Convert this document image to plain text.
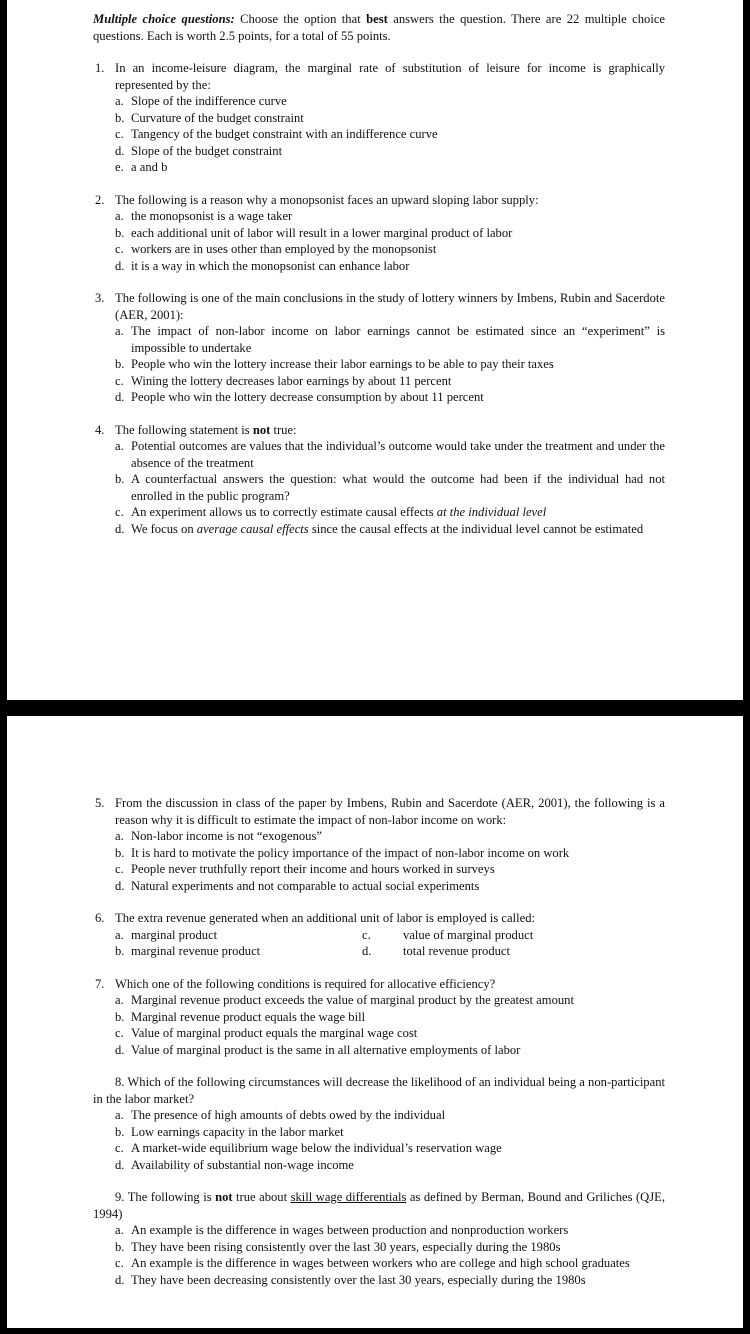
Multiple choice questions: Choose the option that best answers the question. There are 22 multiple choice questions. Each is worth 2.5 points, for a total of 55 points.

1. In an income-leisure diagram, the marginal rate of substitution of leisure for income is graphically represented by the:
a. Slope of the indifference curve
b. Curvature of the budget constraint
c. Tangency of the budget constraint with an indifference curve
d. Slope of the budget constraint
e. a and b
2. The following is a reason why a monopsonist faces an upward sloping labor supply:
a. the monopsonist is a wage taker
b. each additional unit of labor will result in a lower marginal product of labor
c. workers are in uses other than employed by the monopsonist
d. it is a way in which the monopsonist can enhance labor
3. The following is one of the main conclusions in the study of lottery winners by Imbens, Rubin and Sacerdote (AER, 2001):
a. The impact of non-labor income on labor earnings cannot be estimated since an “experiment” is impossible to undertake
b. People who win the lottery increase their labor earnings to be able to pay their taxes
c. Wining the lottery decreases labor earnings by about 11 percent
d. People who win the lottery decrease consumption by about 11 percent
4. The following statement is not true:
a. Potential outcomes are values that the individual’s outcome would take under the treatment and under the absence of the treatment
b. A counterfactual answers the question: what would the outcome had been if the individual had not enrolled in the public program?
c. An experiment allows us to correctly estimate causal effects at the individual level
d. We focus on average causal effects since the causal effects at the individual level cannot be estimated
5. From the discussion in class of the paper by Imbens, Rubin and Sacerdote (AER, 2001), the following is a reason why it is difficult to estimate the impact of non-labor income on work:
a. Non-labor income is not “exogenous”
b. It is hard to motivate the policy importance of the impact of non-labor income on work
c. People never truthfully report their income and hours worked in surveys
d. Natural experiments and not comparable to actual social experiments
6. The extra revenue generated when an additional unit of labor is employed is called:
a. marginal product
b. marginal revenue product
c.	value of marginal product
d.	total revenue product
7. Which one of the following conditions is required for allocative efficiency?
a. Marginal revenue product exceeds the value of marginal product by the greatest amount
b. Marginal revenue product equals the wage bill
c. Value of marginal product equals the marginal wage cost
d. Value of marginal product is the same in all alternative employments of labor
8. Which of the following circumstances will decrease the likelihood of an individual being a non-participant in the labor market?
a. The presence of high amounts of debts owed by the individual
b. Low earnings capacity in the labor market
c. A market-wide equilibrium wage below the individual’s reservation wage
d. Availability of substantial non-wage income
9. The following is not true about skill wage differentials as defined by Berman, Bound and Griliches (QJE, 1994)
a. An example is the difference in wages between production and nonproduction workers
b. They have been rising consistently over the last 30 years, especially during the 1980s
c. An example is the difference in wages between workers who are college and high school graduates
d. They have been decreasing consistently over the last 30 years, especially during the 1980s
